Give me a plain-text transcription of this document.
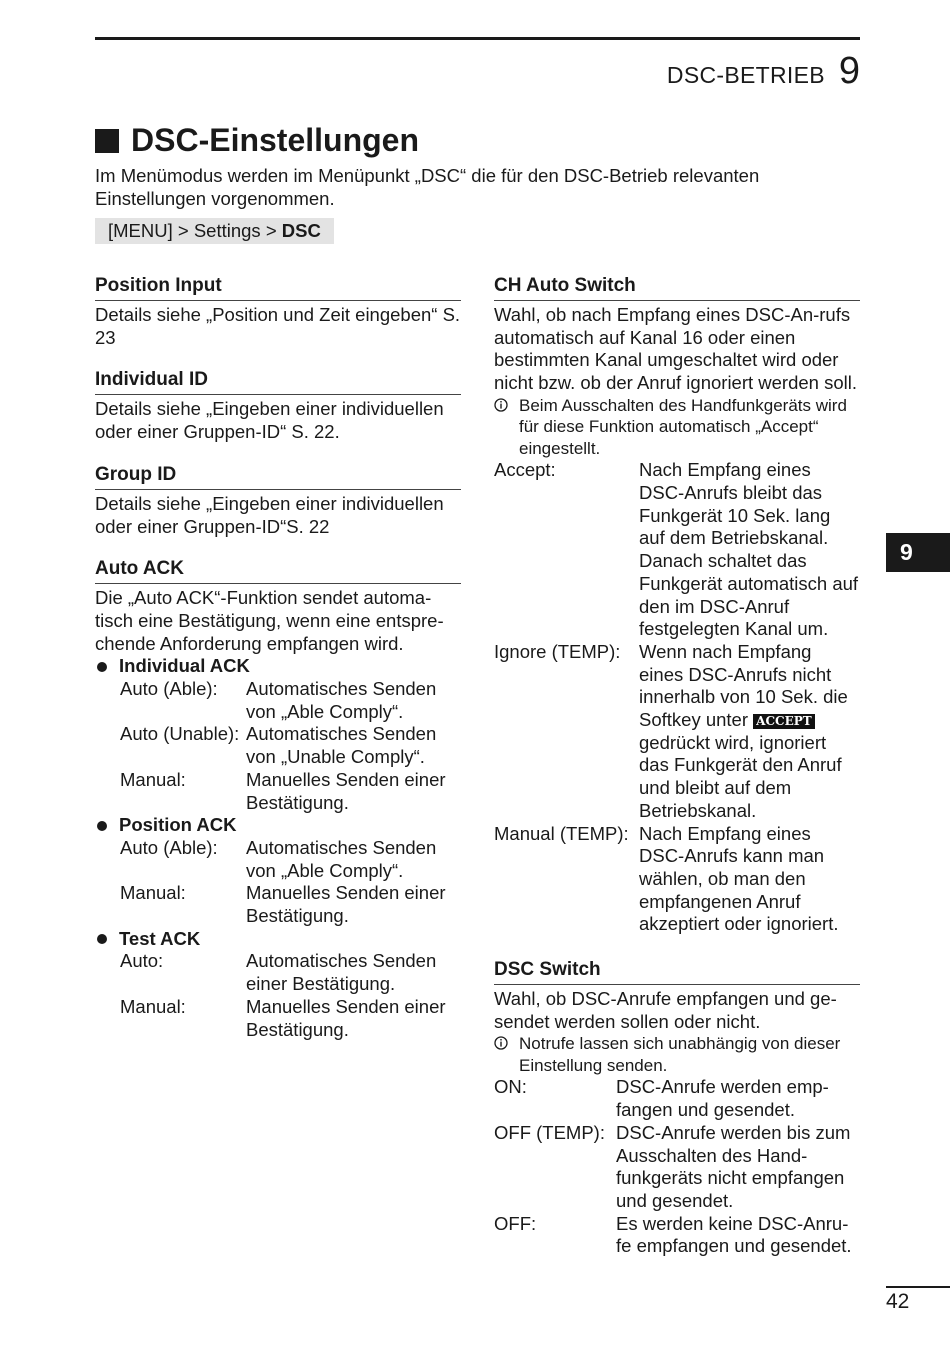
DSC-BETRIEB 9
DSC-Einstellungen
Im Menümodus werden im Menüpunkt „DSC“ die für den DSC-Betrieb relevanten Einstellungen vorgenommen.
[MENU] > Settings > DSC
Position Input

Details siehe „Position und Zeit eingeben“ S. 23

Individual ID

Details siehe „Eingeben einer individuellen oder einer Gruppen-ID“ S. 22.

Group ID

Details siehe „Eingeben einer individuellen oder einer Gruppen-ID“S. 22

Auto ACK

Die „Auto ACK“-Funktion sendet automa-tisch eine Bestätigung, wenn eine entspre-chende Anforderung empfangen wird.

Individual ACK
Auto (Able):	Automatisches Senden von „Able Comply“.
Auto (Unable): Automatisches Senden von „Unable Comply“.
Manual:	Manuelles Senden einer Bestätigung.
Position ACK
Auto (Able):	Automatisches Senden von „Able Comply“.
Manual:	Manuelles Senden einer Bestätigung.
Test ACK
Auto:	Automatisches Senden einer Bestätigung.
Manual:	Manuelles Senden einer Bestätigung.
CH Auto Switch

Wahl, ob nach Empfang eines DSC-An-rufs automatisch auf Kanal 16 oder einen bestimmten Kanal umgeschaltet wird oder nicht bzw. ob der Anruf ignoriert werden soll.

Beim Ausschalten des Handfunkgeräts wird für diese Funktion automatisch „Accept“ eingestellt.
Accept:	Nach Empfang eines DSC-Anrufs bleibt das Funkgerät 10 Sek. lang auf dem Betriebskanal. Danach schaltet das Funkgerät automatisch auf den im DSC-Anruf festgelegten Kanal um.
Ignore (TEMP):	Wenn nach Empfang eines DSC-Anrufs nicht innerhalb von 10 Sek. die Softkey unter ACCEPT gedrückt wird, ignoriert das Funkgerät den Anruf und bleibt auf dem Betriebskanal.
Manual (TEMP): Nach Empfang eines DSC-Anrufs kann man wählen, ob man den empfangenen Anruf akzeptiert oder ignoriert.
DSC Switch

Wahl, ob DSC-Anrufe empfangen und ge-sendet werden sollen oder nicht.

Notrufe lassen sich unabhängig von dieser Einstellung senden.
ON:	DSC-Anrufe werden emp-fangen und gesendet.
OFF (TEMP): DSC-Anrufe werden bis zum Ausschalten des Hand-funkgeräts nicht empfangen und gesendet.
OFF:	Es werden keine DSC-Anru-fe empfangen und gesendet.
9
42
